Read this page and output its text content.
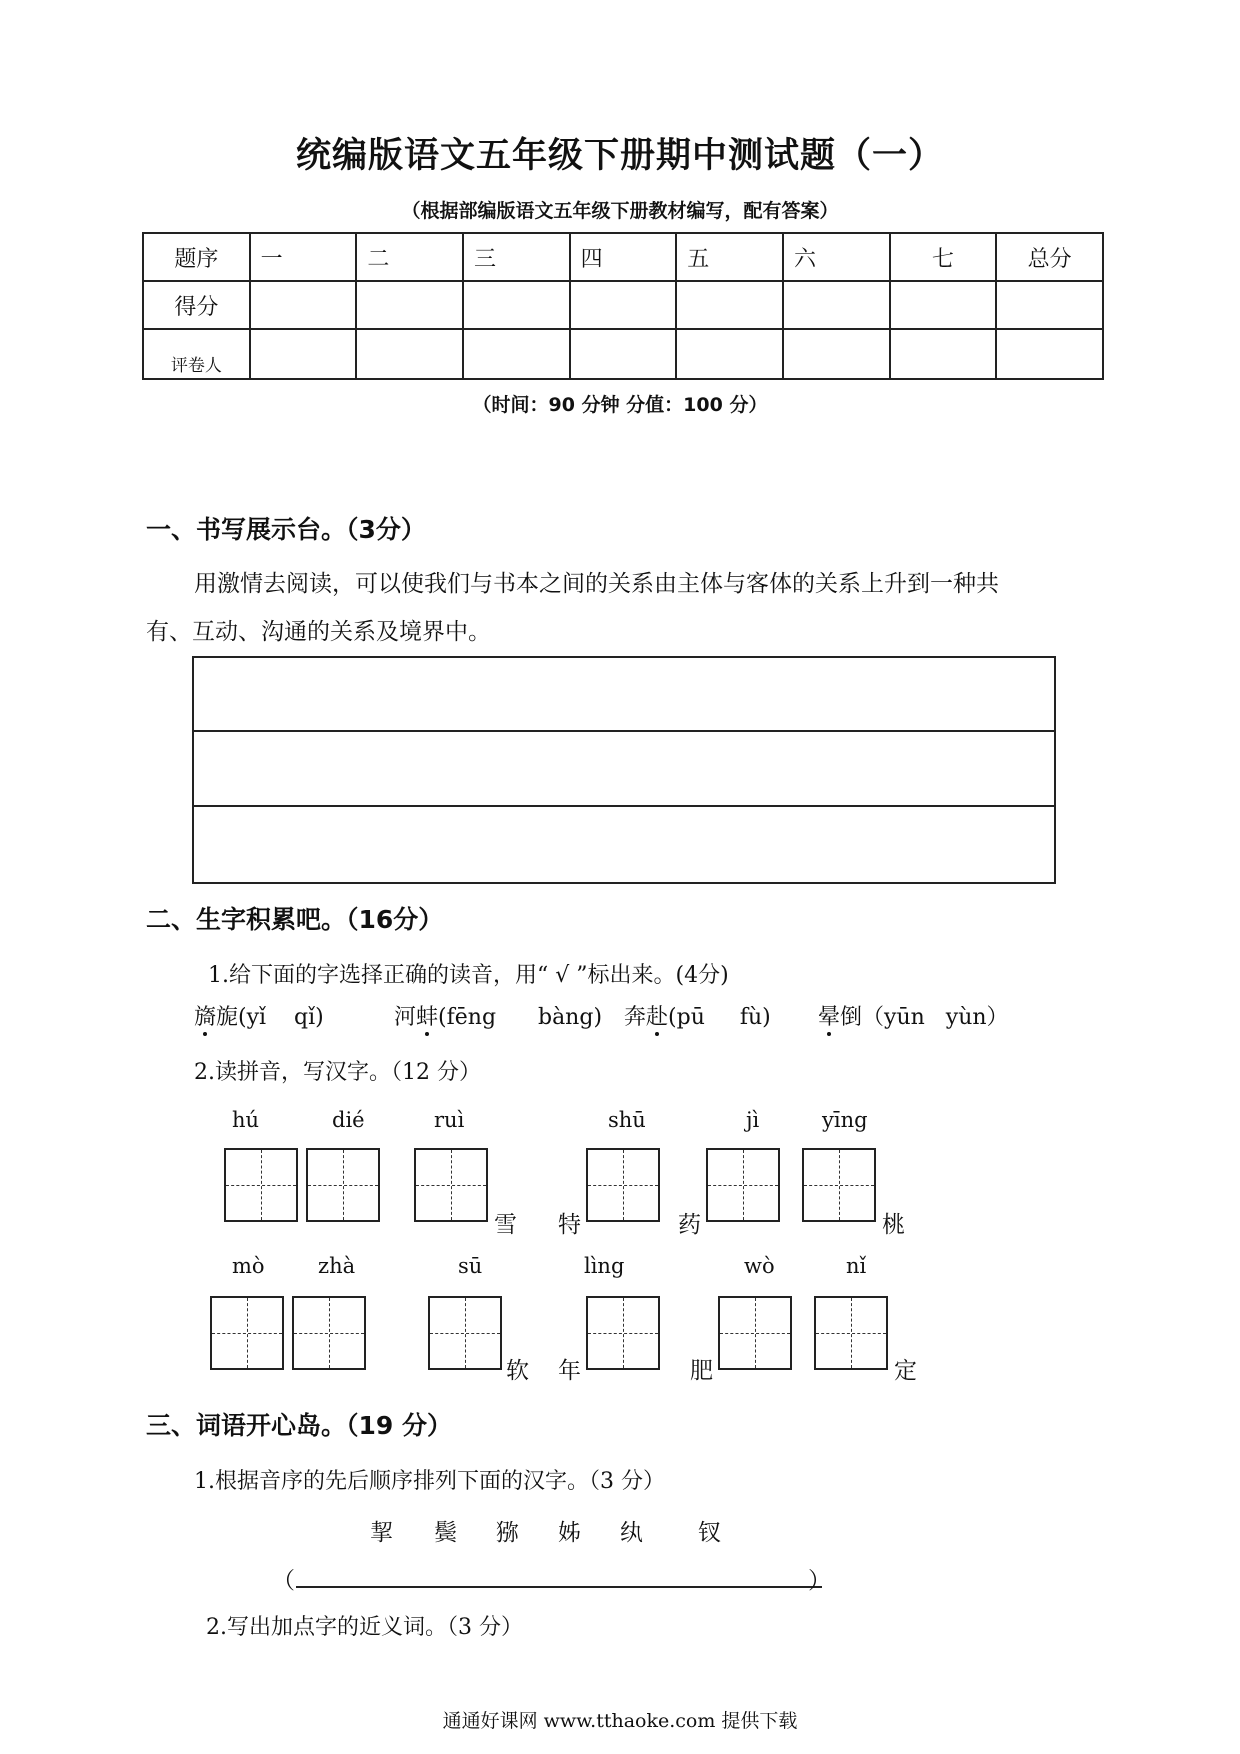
统编版语文五年级下册期中测试题（一）
（根据部编版语文五年级下册教材编写，配有答案）
题序	一	二	三	四	五	六	七	总分
得分								
评卷人								
（时间：90 分钟 分值：100 分）
一、书写展示台。（3分）
用激情去阅读，可以使我们与书本之间的关系由主体与客体的关系上升到一种共
有、互动、沟通的关系及境界中。
二、生字积累吧。（16分）
1.给下面的字选择正确的读音，用“ √ ”标出来。(4分)
旖旎(yǐ    qǐ)	河蚌(fēng      bàng) 奔赴(pū     fù) 晕倒（yūn   yùn）
2.读拼音，写汉字。（12 分）
hú	dié	ruì	shū	jì	yīng
雪 特	药	桃
mò	zhà	sū	lìng	wò	nǐ
软 年	肥	定
三、词语开心岛。（19 分）
1.根据音序的先后顺序排列下面的汉字。（3 分）
挈 鬓 猕 姊 纨 钗
（	）
2.写出加点字的近义词。（3 分）
通通好课网 www.tthaoke.com 提供下载
